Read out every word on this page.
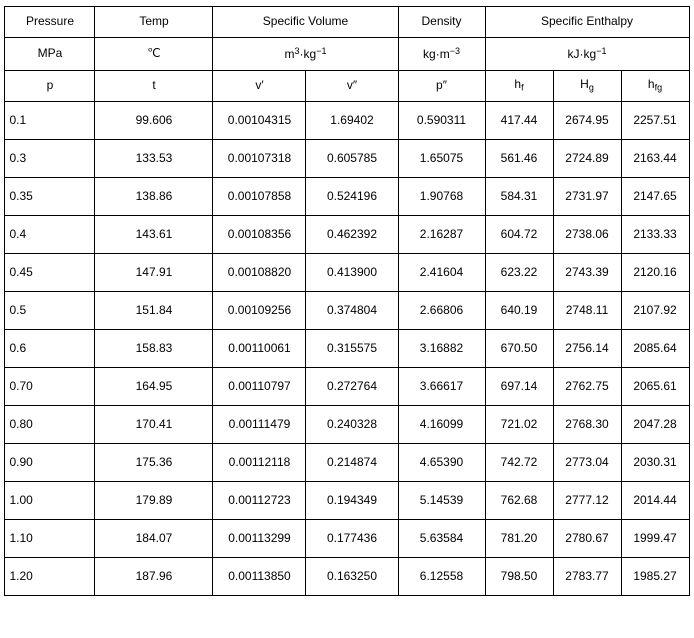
Pressure	Temp	Specific Volume		Density	Specific Enthalpy		
MPa	℃	$m^3\cdot kg^{-1}$		$kg\cdot m^{-3}$	$kJ\cdot kg^{-1}$
p	t	v′	v″	p″	$h_f$	$H_g$	$h_{fg}$
0.1	99.606	0.00104315	1.69402	0.590311	417.44	2674.95	2257.51
0.3	133.53	0.00107318	0.605785	1.65075	561.46	2724.89	2163.44
0.35	138.86	0.00107858	0.524196	1.90768	584.31	2731.97	2147.65
0.4	143.61	0.00108356	0.462392	2.16287	604.72	2738.06	2133.33
0.45	147.91	0.00108820	0.413900	2.41604	623.22	2743.39	2120.16
0.5	151.84	0.00109256	0.374804	2.66806	640.19	2748.11	2107.92
0.6	158.83	0.00110061	0.315575	3.16882	670.50	2756.14	2085.64
0.70	164.95	0.00110797	0.272764	3.66617	697.14	2762.75	2065.61
0.80	170.41	0.00111479	0.240328	4.16099	721.02	2768.30	2047.28
0.90	175.36	0.00112118	0.214874	4.65390	742.72	2773.04	2030.31
1.00	179.89	0.00112723	0.194349	5.14539	762.68	2777.12	2014.44
1.10	184.07	0.00113299	0.177436	5.63584	781.20	2780.67	1999.47
1.20	187.96	0.00113850	0.163250	6.12558	798.50	2783.77	1985.27
